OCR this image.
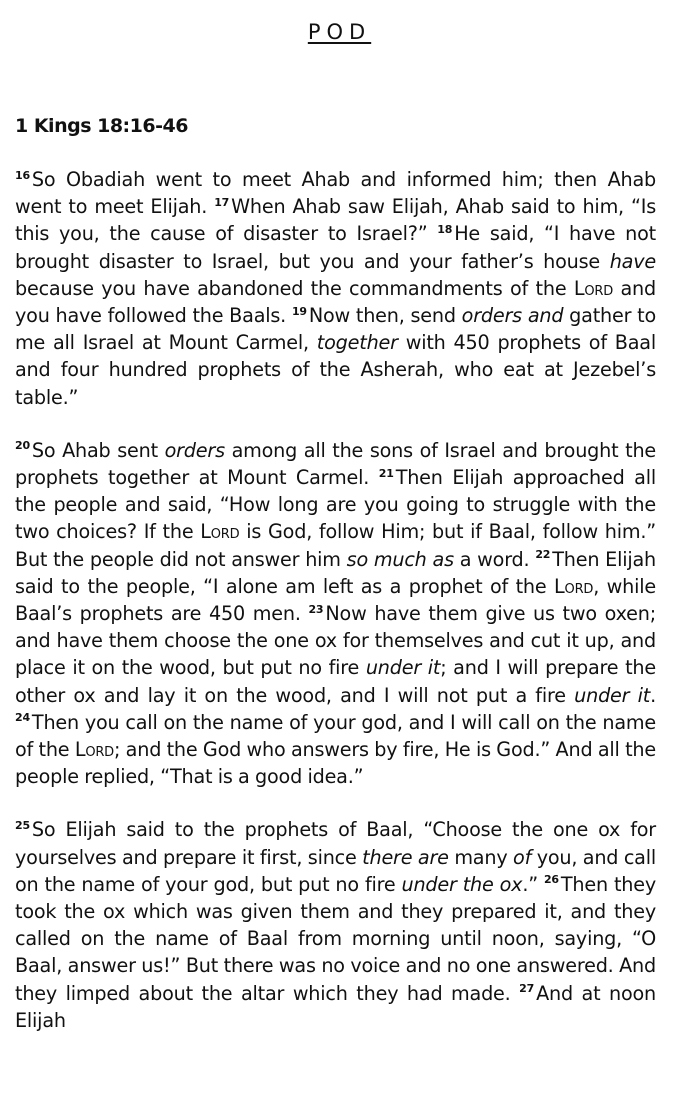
POD
1 Kings 18:16-46

$^{16}$ So Obadiah went to meet Ahab and informed him; then Ahab went to meet Elijah. $^{17}$ When Ahab saw Elijah, Ahab said to him, “Is this you, the cause of disaster to Israel?” $^{18}$ He said, “I have not brought disaster to Israel, but you and your father’s house have because you have abandoned the commandments of the Lord and you have followed the Baals. $^{19}$ Now then, send orders and gather to me all Israel at Mount Carmel, together with 450 prophets of Baal and four hundred prophets of the Asherah, who eat at Jezebel’s table.”

$^{20}$ So Ahab sent orders among all the sons of Israel and brought the prophets together at Mount Carmel. $^{21}$ Then Elijah approached all the people and said, “How long are you going to struggle with the two choices? If the Lord is God, follow Him; but if Baal, follow him.” But the people did not answer him so much as a word. $^{22}$ Then Elijah said to the people, “I alone am left as a prophet of the Lord, while Baal’s prophets are 450 men. $^{23}$ Now have them give us two oxen; and have them choose the one ox for themselves and cut it up, and place it on the wood, but put no fire under it; and I will prepare the other ox and lay it on the wood, and I will not put a fire under it. $^{24}$ Then you call on the name of your god, and I will call on the name of the Lord; and the God who answers by fire, He is God.” And all the people replied, “That is a good idea.”

$^{25}$ So Elijah said to the prophets of Baal, “Choose the one ox for yourselves and prepare it first, since there are many of you, and call on the name of your god, but put no fire under the ox.” $^{26}$ Then they took the ox which was given them and they prepared it, and they called on the name of Baal from morning until noon, saying, “O Baal, answer us!” But there was no voice and no one answered. And they limped about the altar which they had made. $^{27}$ And at noon Elijah
